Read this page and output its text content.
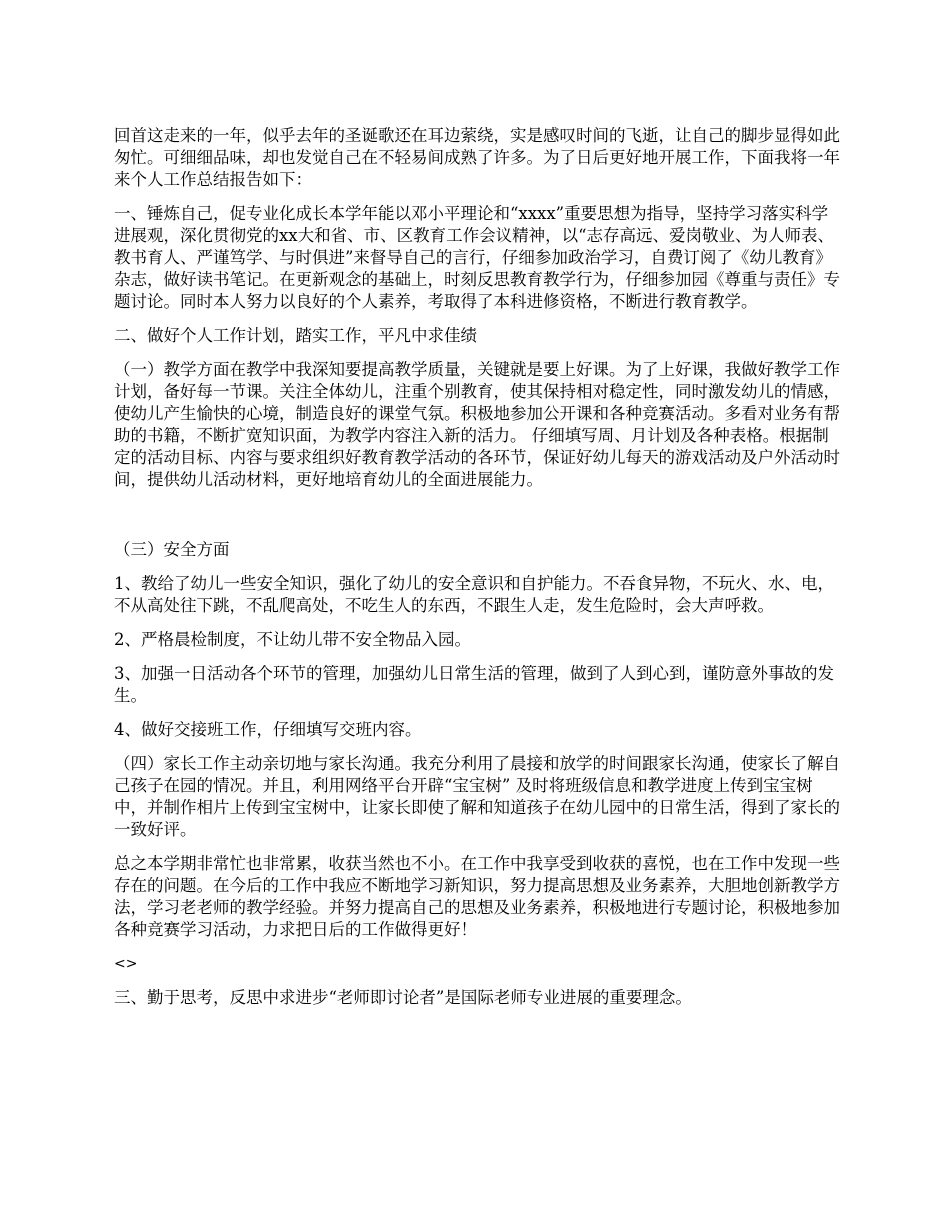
回首这走来的一年，似乎去年的圣诞歌还在耳边萦绕，实是感叹时间的飞逝，让自己的脚步显得如此匆忙。可细细品味，却也发觉自己在不轻易间成熟了许多。为了日后更好地开展工作，下面我将一年来个人工作总结报告如下：

一、锤炼自己，促专业化成长本学年能以邓小平理论和“xxxx”重要思想为指导，坚持学习落实科学进展观，深化贯彻党的xx大和省、市、区教育工作会议精神，以“志存高远、爱岗敬业、为人师表、教书育人、严谨笃学、与时俱进”来督导自己的言行，仔细参加政治学习，自费订阅了《幼儿教育》杂志，做好读书笔记。在更新观念的基础上，时刻反思教育教学行为，仔细参加园《尊重与责任》专题讨论。同时本人努力以良好的个人素养，考取得了本科进修资格，不断进行教育教学。

二、做好个人工作计划，踏实工作，平凡中求佳绩

（一）教学方面在教学中我深知要提高教学质量，关键就是要上好课。为了上好课，我做好教学工作计划，备好每一节课。关注全体幼儿，注重个别教育，使其保持相对稳定性，同时激发幼儿的情感，使幼儿产生愉快的心境，制造良好的课堂气氛。积极地参加公开课和各种竞赛活动。多看对业务有帮助的书籍，不断扩宽知识面，为教学内容注入新的活力。 仔细填写周、月计划及各种表格。根据制定的活动目标、内容与要求组织好教育教学活动的各环节，保证好幼儿每天的游戏活动及户外活动时间，提供幼儿活动材料，更好地培育幼儿的全面进展能力。

（三）安全方面

1、教给了幼儿一些安全知识，强化了幼儿的安全意识和自护能力。不吞食异物，不玩火、水、电，不从高处往下跳，不乱爬高处，不吃生人的东西，不跟生人走，发生危险时，会大声呼救。

2、严格晨检制度，不让幼儿带不安全物品入园。

3、加强一日活动各个环节的管理，加强幼儿日常生活的管理，做到了人到心到，谨防意外事故的发生。

4、做好交接班工作，仔细填写交班内容。

（四）家长工作主动亲切地与家长沟通。我充分利用了晨接和放学的时间跟家长沟通，使家长了解自己孩子在园的情况。并且，利用网络平台开辟“宝宝树” 及时将班级信息和教学进度上传到宝宝树中，并制作相片上传到宝宝树中，让家长即使了解和知道孩子在幼儿园中的日常生活，得到了家长的一致好评。

总之本学期非常忙也非常累，收获当然也不小。在工作中我享受到收获的喜悦，也在工作中发现一些存在的问题。在今后的工作中我应不断地学习新知识，努力提高思想及业务素养，大胆地创新教学方法，学习老老师的教学经验。并努力提高自己的思想及业务素养，积极地进行专题讨论，积极地参加各种竞赛学习活动，力求把日后的工作做得更好！

<>

三、勤于思考，反思中求进步“老师即讨论者”是国际老师专业进展的重要理念。
